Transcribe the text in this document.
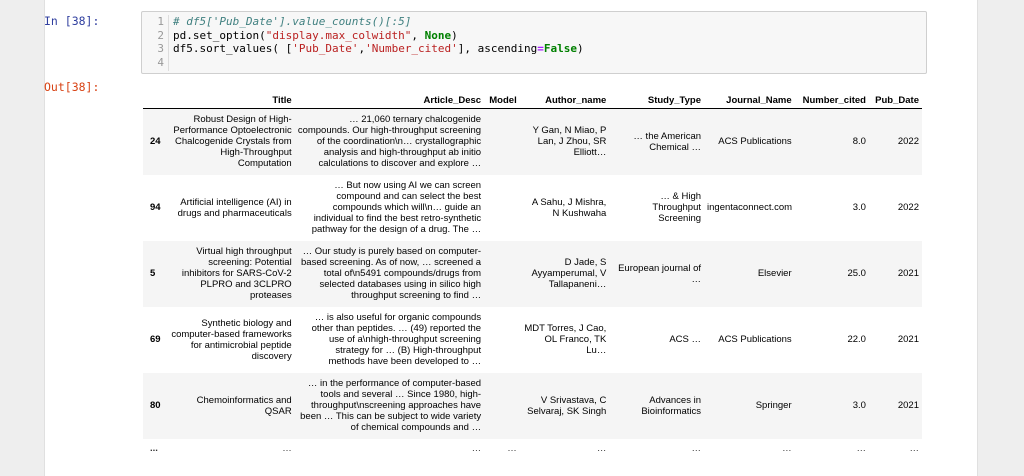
In [38]:	1
2
3
4
# df5['Pub_Date'].value_counts()[:5]
pd.set_option("display.max_colwidth", None)
df5.sort_values( ['Pub_Date','Number_cited'], ascending=False)
Out[38]:
	Title	Article_Desc	Model	Author_name	Study_Type	Journal_Name	Number_cited	Pub_Date
24	Robust Design of High-Performance Optoelectronic Chalcogenide Crystals from High-Throughput Computation	… 21,060 ternary chalcogenide compounds. Our high-throughput screening of the coordination\n… crystallographic analysis and high-throughput ab initio calculations to discover and explore …		Y Gan, N Miao, P Lan, J Zhou, SR Elliott…	… the American Chemical …	ACS Publications	8.0	2022
94	Artificial intelligence (AI) in drugs and pharmaceuticals	… But now using AI we can screen compound and can select the best compounds which will\n… guide an individual to find the best retro-synthetic pathway for the design of a drug. The …		A Sahu, J Mishra, N Kushwaha	… & High Throughput Screening	ingentaconnect.com	3.0	2022
5	Virtual high throughput screening: Potential inhibitors for SARS-CoV-2 PLPRO and 3CLPRO proteases	… Our study is purely based on computer-based screening. As of now, … screened a total of\n5491 compounds/drugs from selected databases using in silico high throughput screening to find …		D Jade, S Ayyamperumal, V Tallapaneni…	European journal of …	Elsevier	25.0	2021
69	Synthetic biology and computer-based frameworks for antimicrobial peptide discovery	… is also useful for organic compounds other than peptides. … (49) reported the use of a\nhigh-throughput screening strategy for … (B) High-throughput methods have been developed to …		MDT Torres, J Cao, OL Franco, TK Lu…	ACS …	ACS Publications	22.0	2021
80	Chemoinformatics and QSAR	… in the performance of computer-based tools and several … Since 1980, high-throughput\nscreening approaches have been … This can be subject to wide variety of chemical compounds and …		V Srivastava, C Selvaraj, SK Singh	Advances in Bioinformatics	Springer	3.0	2021
...	…	…	…	…	…	…	…	…
